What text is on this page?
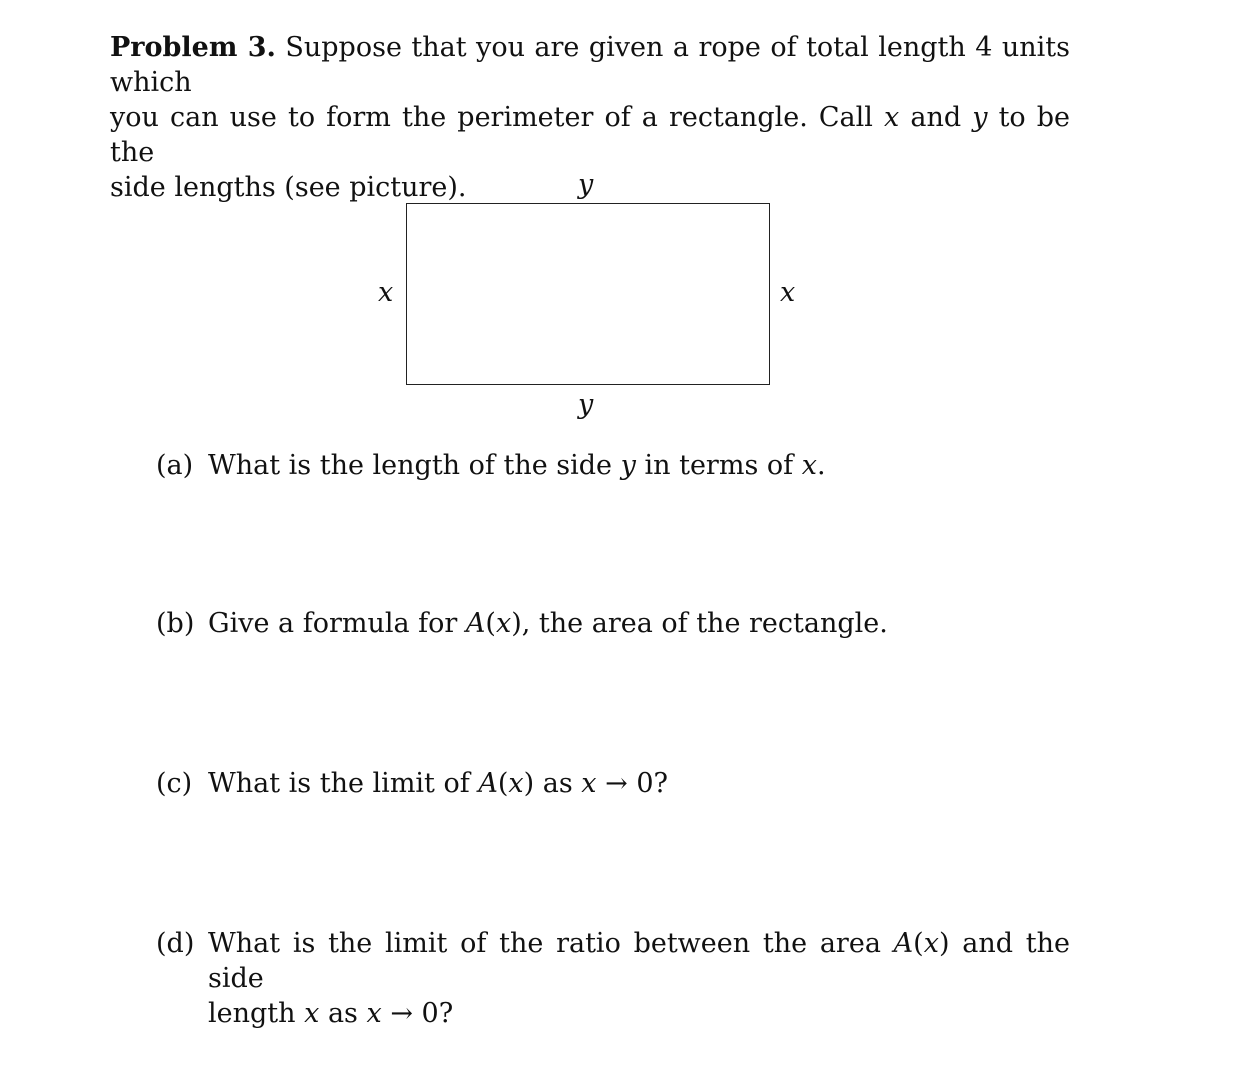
Problem 3. Suppose that you are given a rope of total length 4 units which
you can use to form the perimeter of a rectangle. Call x and y to be the
side lengths (see picture).	y
x	x
y
(a) What is the length of the side y in terms of x.
(b) Give a formula for A(x), the area of the rectangle.
(c) What is the limit of A(x) as x → 0?
(d) What is the limit of the ratio between the area A(x) and the side
length x as x → 0?
